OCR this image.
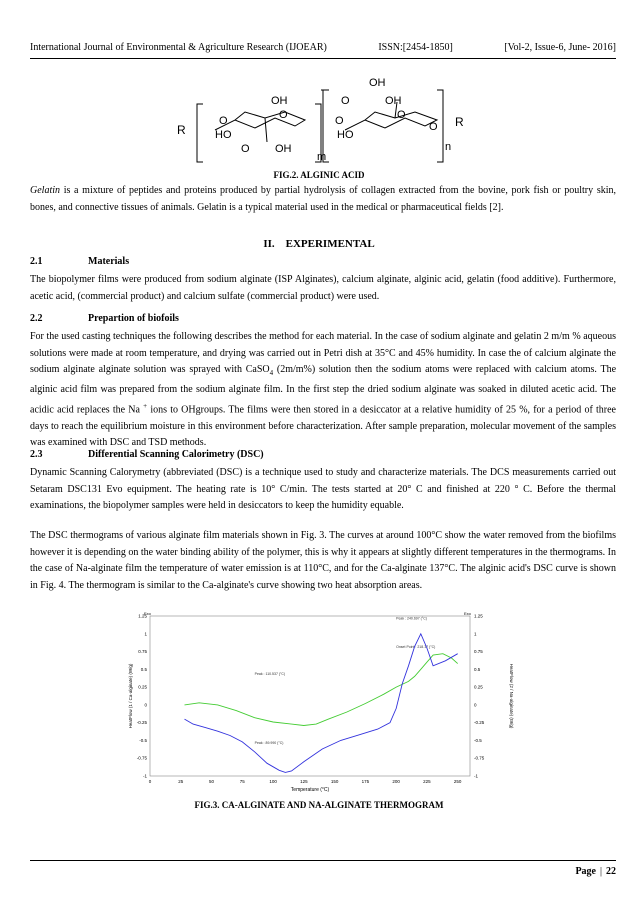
International Journal of Environmental & Agriculture Research (IJOEAR)	ISSN:[2454-1850]	[Vol-2, Issue-6, June- 2016]
R
R
OH	OH
OH
O	O
O	O	O
HO	HO
O
O
OH
m
n
FIG.2. ALGINIC ACID

Gelatin is a mixture of peptides and proteins produced by partial hydrolysis of collagen extracted from the bovine, pork fish or poultry skin, bones, and connective tissues of animals. Gelatin is a typical material used in the medical or pharmaceutical fields [2].

II. EXPERIMENTAL
2.1	Materials

The biopolymer films were produced from sodium alginate (ISP Alginates), calcium alginate, alginic acid, gelatin (food additive). Furthermore, acetic acid, (commercial product) and calcium sulfate (commercial product) were used.

2.2	Prepartion of biofoils

For the used casting techniques the following describes the method for each material. In the case of sodium alginate and gelatin 2 m/m % aqueous solutions were made at room temperature, and drying was carried out in Petri dish at 35°C and 45% humidity. In case the of calcium alginate the sodium alginate alginate solution was sprayed with CaSO$_4$ (2m/m%) solution then the sodium atoms were replaced with calcium atoms. The alginic acid film was prepared from the sodium alginate film. In the first step the dried sodium alginate was soaked in diluted acetic acid. The acidic acid replaces the Na + ions to OHgroups. The films were then stored in a desiccator at a relative humidity of 25 %, for a period of three days to reach the equilibrium moisture in this environment before characterization. After sample preparation, molecular movement of the samples was examined with DSC and TSD methods.

2.3	Differential Scanning Calorimetry (DSC)

Dynamic Scanning Calorymetry (abbreviated (DSC) is a technique used to study and characterize materials. The DCS measurements carried out Setaram DSC131 Evo equipment. The heating rate is 10° C/min. The tests started at 20° C and finished at 220 ° C. Before the thermal examinations, the biopolymer samples were held in desiccators to keep the humidity equable.

The DSC thermograms of various alginate film materials shown in Fig. 3. The curves at around 100°C show the water removed from the biofilms however it is depending on the water binding ability of the polymer, this is why it appears at slightly different temperatures in the thermograms. In the case of Na-alginate film the temperature of water emission is at 110°C, and for the Ca-alginate 137°C. The alginic acid's DSC curve is shown in Fig. 4. The thermogram is similar to the Ca-alginate's curve showing two heat absorption areas.

0	25	50	75	100	125	150	175	200	225	250
1.25
1
0.75
0.5
0.25
0
-0.25
-0.5
-0.75
-1
1.25
1
0.75
0.5
0.25
0
-0.25
-0.5
-0.75
-1
Peak : 240.697 (°C)
Onset Point : 218.17 (°C)
Peak : 110.537 (°C)
Peak : 89.990 (°C)
Temperature (°C)
HeatFlow (1 / Ca-alginate) (W/g)	HeatFlow (2 / Na-alginate) (W/g)
Exo	Exo
FIG.3. CA-ALGINATE AND NA-ALGINATE THERMOGRAM
Page | 22
